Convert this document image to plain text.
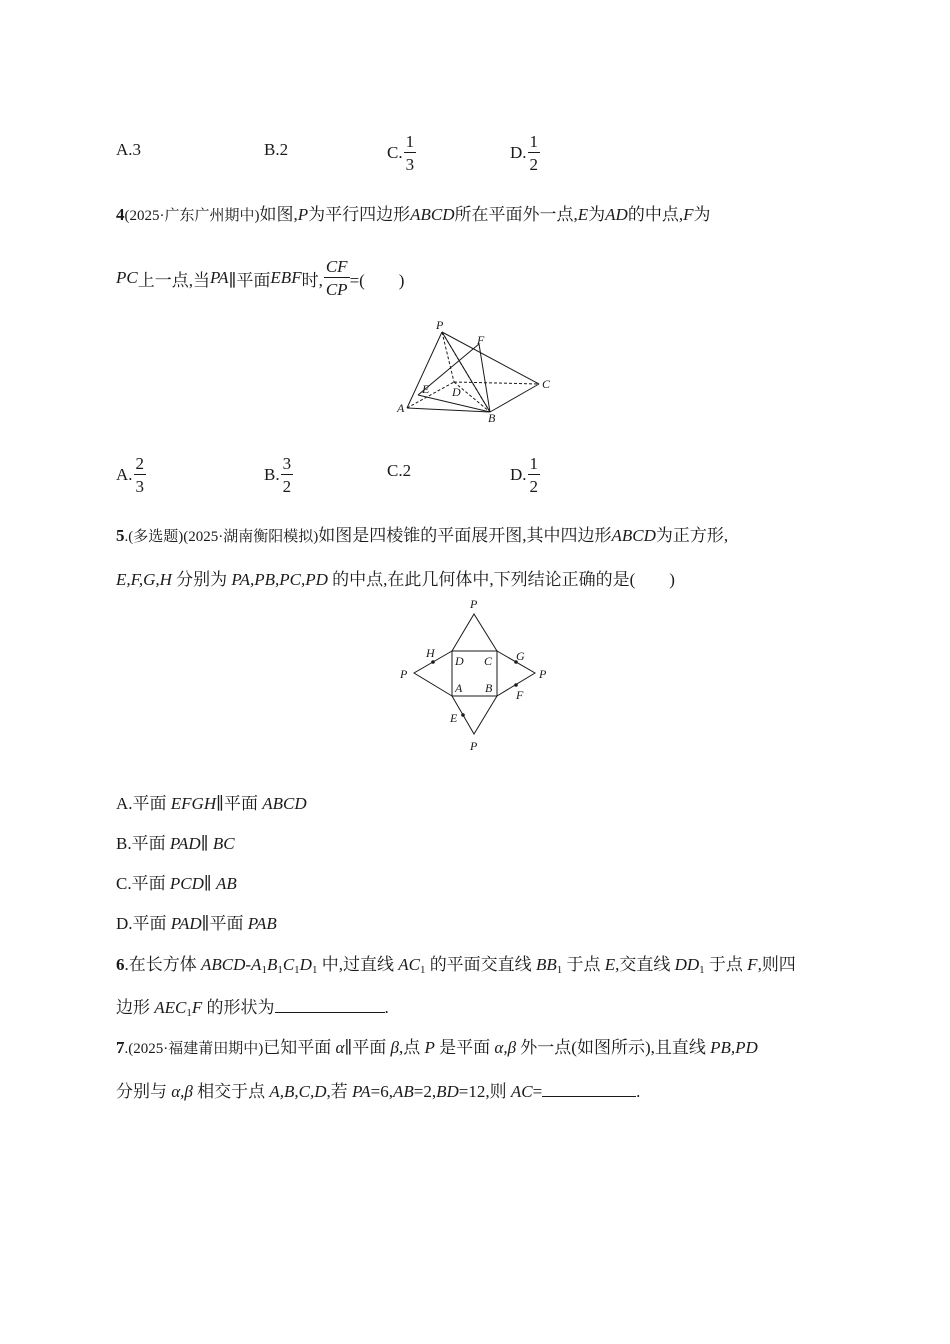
A. 3	B. 2	C. $\frac{1}{3}$	D. $\frac{1}{2}$
4(2025·广东广州期中)如图,P为平行四边形ABCD所在平面外一点,E为AD的中点,F为
PC 上一点,当 PA ∥平面 EBF 时, $\frac{CF}{CP}$ =(　　)
P
F
E D
C
A
B
A. $\frac{2}{3}$	B. $\frac{3}{2}$	C. 2	D. $\frac{1}{2}$
5.(多选题)(2025·湖南衡阳模拟)如图是四棱锥的平面展开图,其中四边形ABCD为正方形,
E,F,G,H 分别为 PA,PB,PC,PD 的中点,在此几何体中,下列结论正确的是(　　)
P
P	P
P
H	G
F
E
D C
A B
A.平面 EFGH∥平面 ABCD
B.平面 PAD∥ BC
C.平面 PCD∥ AB
D.平面 PAD∥平面 PAB
6.在长方体 ABCD-$A_1B_1C_1D_1$ 中,过直线 $AC_1$ 的平面交直线 $BB_1$ 于点 E,交直线 $DD_1$ 于点 F,则四
边形 $AEC_1F$ 的形状为	.
7.(2025·福建莆田期中)已知平面 α∥平面 β,点 P 是平面 α,β 外一点(如图所示),且直线 PB,PD
分别与 α,β 相交于点 A,B,C,D,若 PA=6,AB=2,BD=12,则 AC=	.
